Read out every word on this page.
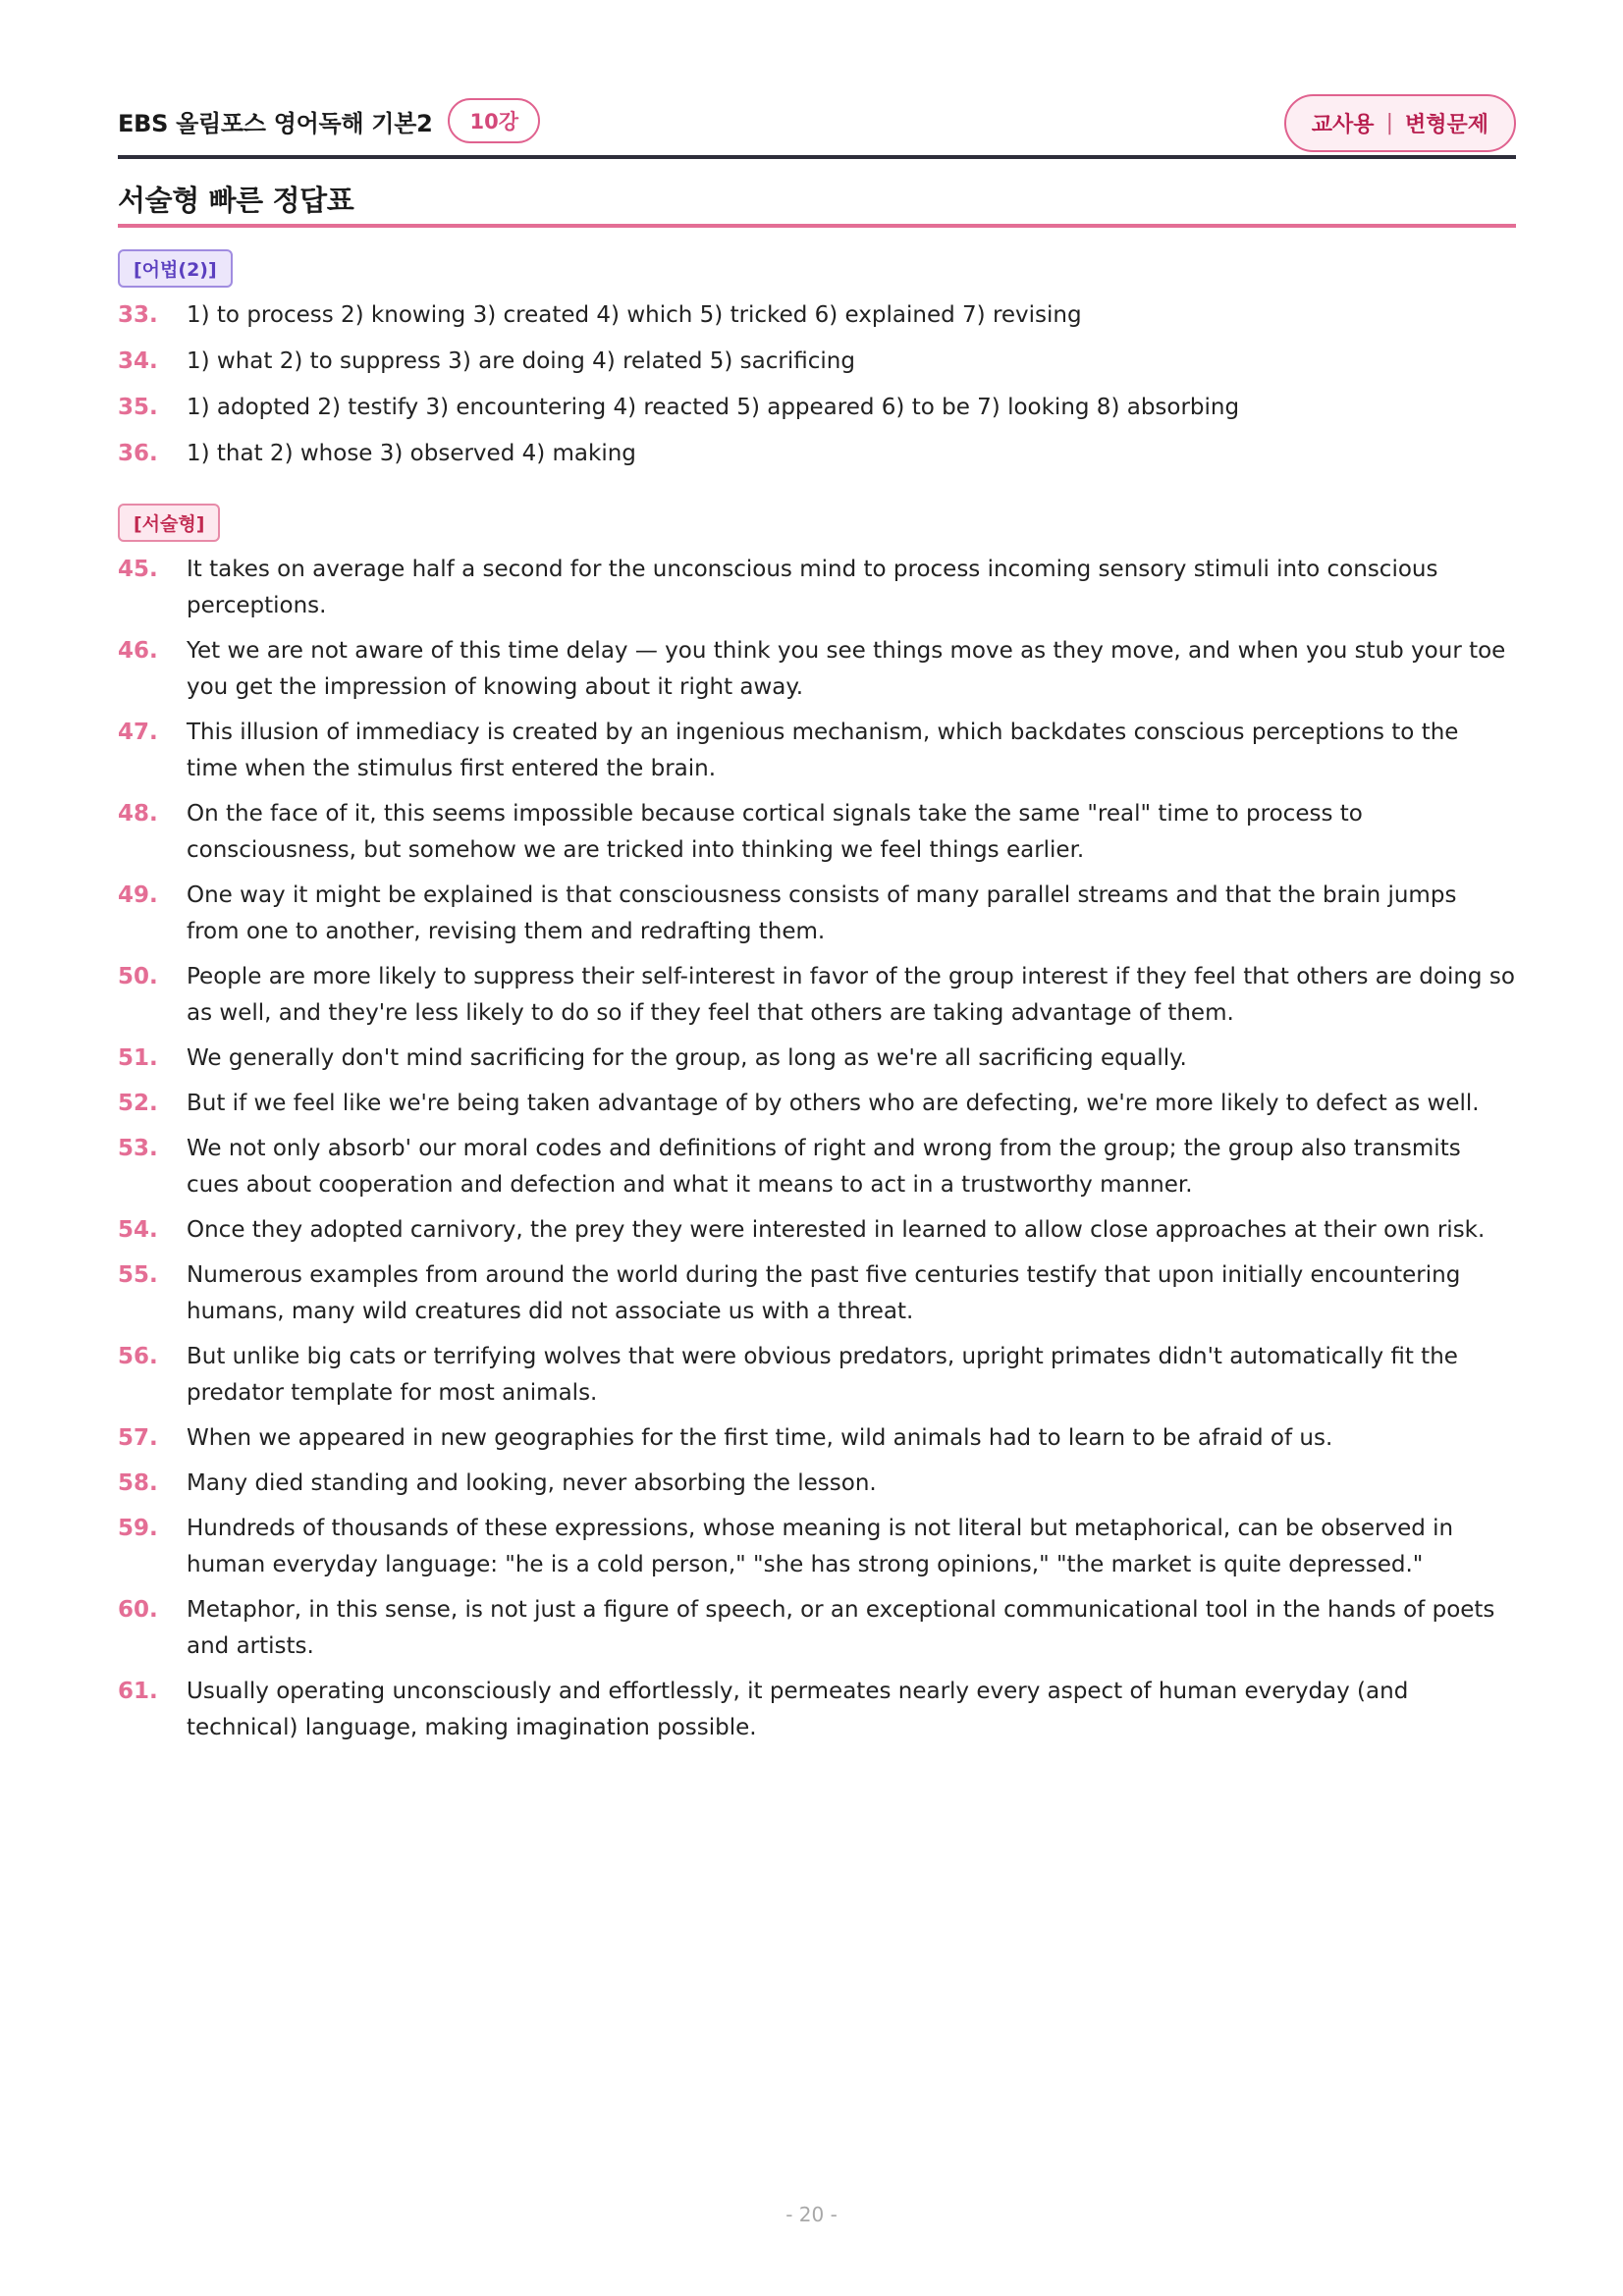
EBS 올림포스 영어독해 기본2	10강	교사용 | 변형문제
서술형 빠른 정답표
[어법(2)]
33.	1) to process 2) knowing 3) created 4) which 5) tricked 6) explained 7) revising
34.	1) what 2) to suppress 3) are doing 4) related 5) sacrificing
35.	1) adopted 2) testify 3) encountering 4) reacted 5) appeared 6) to be 7) looking 8) absorbing
36.	1) that 2) whose 3) observed 4) making
[서술형]
45.	It takes on average half a second for the unconscious mind to process incoming sensory stimuli into conscious perceptions.
46.	Yet we are not aware of this time delay — you think you see things move as they move, and when you stub your toe you get the impression of knowing about it right away.
47.	This illusion of immediacy is created by an ingenious mechanism, which backdates conscious perceptions to the time when the stimulus first entered the brain.
48.	On the face of it, this seems impossible because cortical signals take the same "real" time to process to consciousness, but somehow we are tricked into thinking we feel things earlier.
49.	One way it might be explained is that consciousness consists of many parallel streams and that the brain jumps from one to another, revising them and redrafting them.
50.	People are more likely to suppress their self-interest in favor of the group interest if they feel that others are doing so as well, and they're less likely to do so if they feel that others are taking advantage of them.
51.	We generally don't mind sacrificing for the group, as long as we're all sacrificing equally.
52.	But if we feel like we're being taken advantage of by others who are defecting, we're more likely to defect as well.
53.	We not only absorb' our moral codes and definitions of right and wrong from the group; the group also transmits cues about cooperation and defection and what it means to act in a trustworthy manner.
54.	Once they adopted carnivory, the prey they were interested in learned to allow close approaches at their own risk.
55.	Numerous examples from around the world during the past five centuries testify that upon initially encountering humans, many wild creatures did not associate us with a threat.
56.	But unlike big cats or terrifying wolves that were obvious predators, upright primates didn't automatically fit the predator template for most animals.
57.	When we appeared in new geographies for the first time, wild animals had to learn to be afraid of us.
58.	Many died standing and looking, never absorbing the lesson.
59.	Hundreds of thousands of these expressions, whose meaning is not literal but metaphorical, can be observed in human everyday language: "he is a cold person," "she has strong opinions," "the market is quite depressed."
60.	Metaphor, in this sense, is not just a figure of speech, or an exceptional communicational tool in the hands of poets and artists.
61.	Usually operating unconsciously and effortlessly, it permeates nearly every aspect of human everyday (and technical) language, making imagination possible.
- 20 -
